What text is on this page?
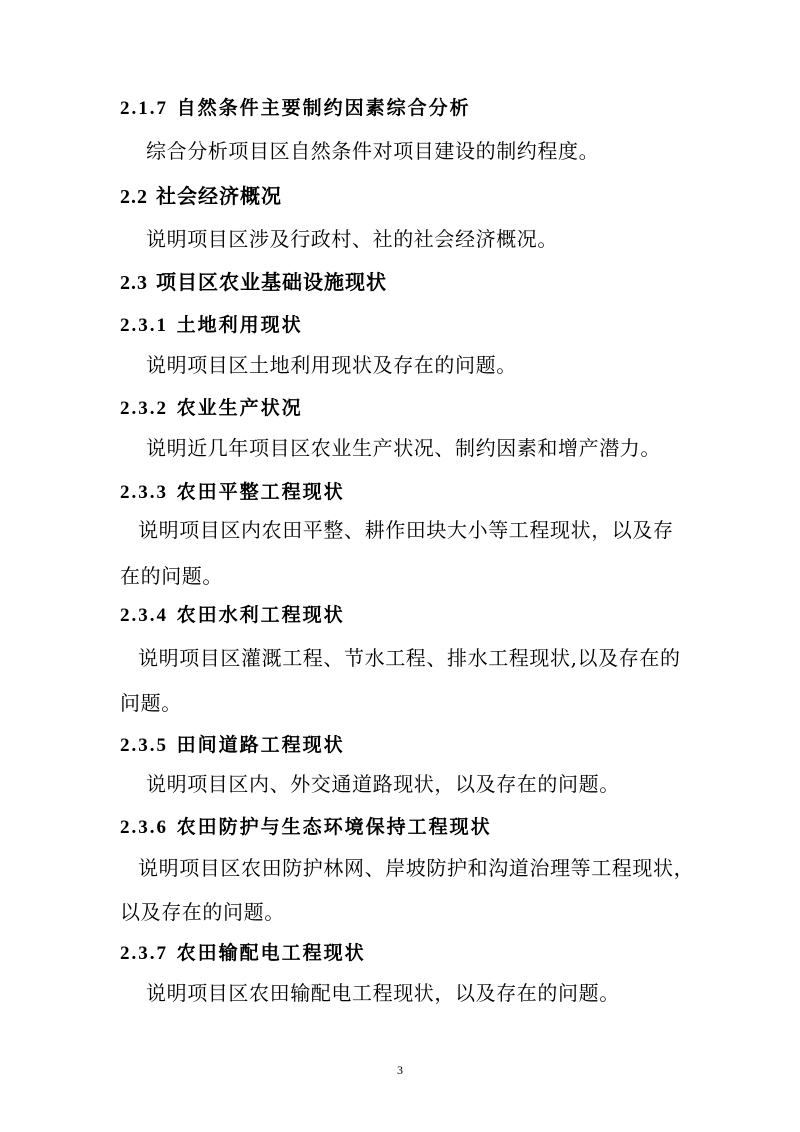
2.1.7 自然条件主要制约因素综合分析

综合分析项目区自然条件对项目建设的制约程度。

2.2 社会经济概况

说明项目区涉及行政村、社的社会经济概况。

2.3 项目区农业基础设施现状
2.3.1 土地利用现状

说明项目区土地利用现状及存在的问题。

2.3.2 农业生产状况

说明近几年项目区农业生产状况、制约因素和增产潜力。

2.3.3 农田平整工程现状

说明项目区内农田平整、耕作田块大小等工程现状，以及存

在的问题。

2.3.4 农田水利工程现状

说明项目区灌溉工程、节水工程、排水工程现状,以及存在的

问题。

2.3.5 田间道路工程现状

说明项目区内、外交通道路现状，以及存在的问题。

2.3.6 农田防护与生态环境保持工程现状

说明项目区农田防护林网、岸坡防护和沟道治理等工程现状，

以及存在的问题。

2.3.7 农田输配电工程现状

说明项目区农田输配电工程现状，以及存在的问题。

3
